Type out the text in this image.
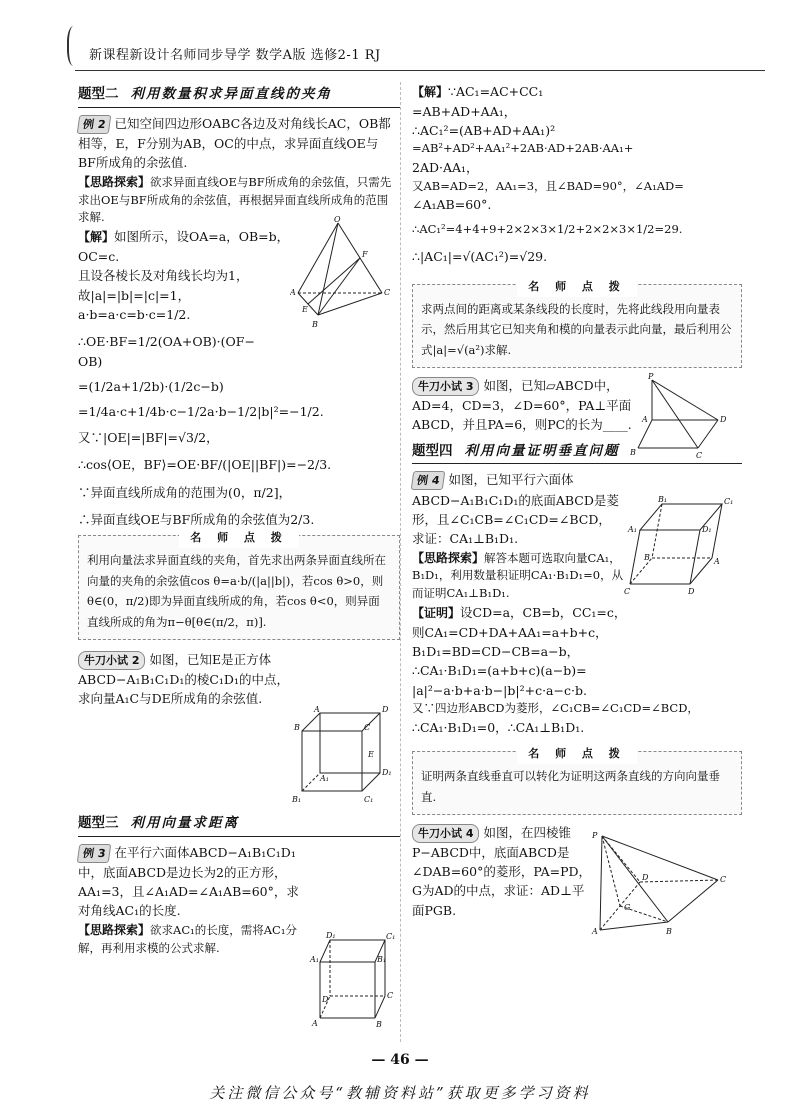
新课程新设计名师同步导学 数学A版 选修2-1 RJ
题型二 利用数量积求异面直线的夹角

例 2 已知空间四边形OABC各边及对角线长AC，OB都相等，E，F分别为AB，OC的中点，求异面直线OE与BF所成角的余弦值.

【思路探索】欲求异面直线OE与BF所成角的余弦值，只需先求出OE与BF所成角的余弦值，再根据异面直线所成角的范围求解.

【解】如图所示，设OA=a，OB=b，

OC=c.

且设各棱长及对角线长均为1，

故|a|=|b|=|c|=1，

a·b=a·c=b·c=1/2.

∴OE·BF=1/2(OA+OB)·(OF−

OB)

=(1/2a+1/2b)·(1/2c−b)

=1/4a·c+1/4b·c−1/2a·b−1/2|b|²=−1/2.

又∵|OE|=|BF|=√3/2，

∴cos⟨OE，BF⟩=OE·BF/(|OE||BF|)=−2/3.

∵异面直线所成角的范围为(0，π/2]，

∴异面直线OE与BF所成角的余弦值为2/3.

名 师 点 拨
利用向量法求异面直线的夹角，首先求出两条异面直线所在向量的夹角的余弦值cos θ=a·b/(|a||b|)，若cos θ>0，则θ∈(0，π/2)即为异面直线所成的角，若cos θ<0，则异面直线所成的角为π−θ[θ∈(π/2，π)].
牛刀小试 2 如图，已知E是正方体ABCD−A₁B₁C₁D₁的棱C₁D₁的中点，求向量A₁C与DE所成角的余弦值.
题型三 利用向量求距离

例 3 在平行六面体ABCD−A₁B₁C₁D₁中，底面ABCD是边长为2的正方形，AA₁=3，且∠A₁AD=∠A₁AB=60°，求对角线AC₁的长度.

【思路探索】欲求AC₁的长度，需将AC₁分解，再利用求模的公式求解.

O
F
A	C
B
E
A	D
B	C
A₁
D₁
B₁	C₁
E
D₁	C₁
A₁	B₁
D	C
A	B

【解】∵AC₁=AC+CC₁

=AB+AD+AA₁，

∴AC₁²=(AB+AD+AA₁)²

=AB²+AD²+AA₁²+2AB·AD+2AB·AA₁+

2AD·AA₁，

又AB=AD=2，AA₁=3，且∠BAD=90°，∠A₁AD=

∠A₁AB=60°.

∴AC₁²=4+4+9+2×2×3×1/2+2×2×3×1/2=29.

∴|AC₁|=√(AC₁²)=√29.

名 师 点 拨
求两点间的距离或某条线段的长度时，先将此线段用向量表示，然后用其它已知夹角和模的向量表示此向量，最后利用公式|a|=√(a²)求解.
牛刀小试 3 如图，已知▱ABCD中，AD=4，CD=3，∠D=60°，PA⊥平面ABCD，并且PA=6，则PC的长为____.
题型四 利用向量证明垂直问题

例 4 如图，已知平行六面体ABCD−A₁B₁C₁D₁的底面ABCD是菱形，且∠C₁CB=∠C₁CD=∠BCD，求证：CA₁⊥B₁D₁.

【思路探索】解答本题可选取向量CA₁，B₁D₁，利用数量积证明CA₁·B₁D₁=0，从而证明CA₁⊥B₁D₁.

【证明】设CD=a，CB=b，CC₁=c，

则CA₁=CD+DA+AA₁=a+b+c，

B₁D₁=BD=CD−CB=a−b，

∴CA₁·B₁D₁=(a+b+c)(a−b)=

|a|²−a·b+a·b−|b|²+c·a−c·b.

又∵四边形ABCD为菱形，∠C₁CB=∠C₁CD=∠BCD，

∴CA₁·B₁D₁=0，∴CA₁⊥B₁D₁.

名 师 点 拨
证明两条直线垂直可以转化为证明这两条直线的方向向量垂直.
牛刀小试 4 如图，在四棱锥P−ABCD中，底面ABCD是∠DAB=60°的菱形，PA=PD，G为AD的中点，求证：AD⊥平面PGB.
P
A	D
B	C
B₁	C₁
A₁	D₁
B	A
C	D
P
D	C
G
A	B
— 46 —
关注微信公众号“教辅资料站”获取更多学习资料
